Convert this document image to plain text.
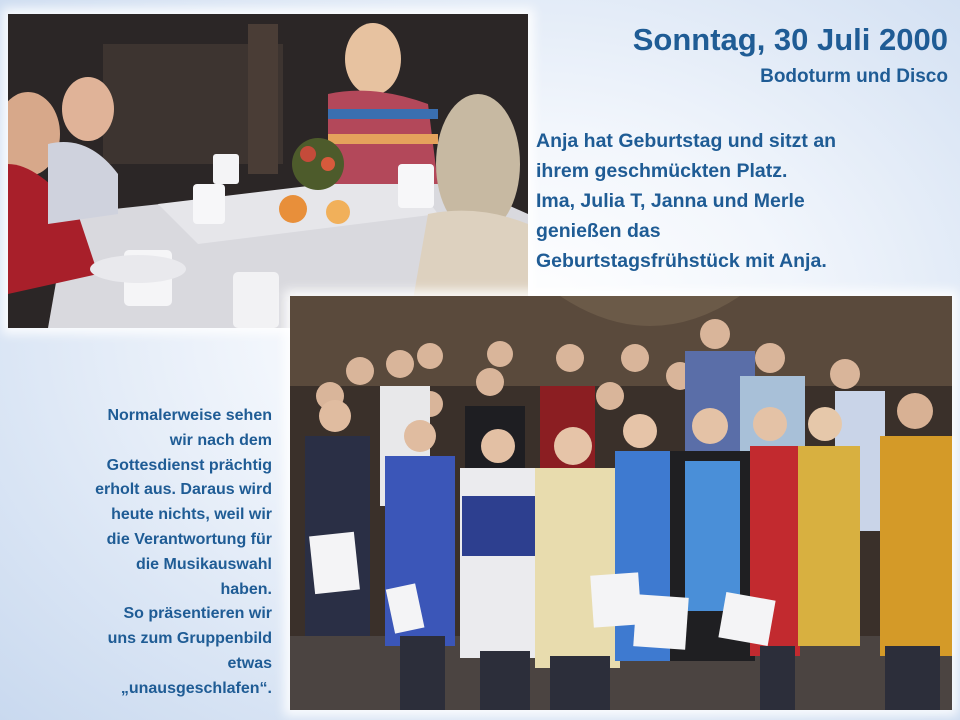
Sonntag, 30 Juli 2000
Bodoturm und Disco
Anja hat Geburtstag und sitzt an
ihrem geschmückten Platz.
Ima, Julia T, Janna und Merle
genießen das
Geburtstagsfrühstück mit Anja.
Normalerweise sehen
wir nach dem
Gottesdienst prächtig
erholt aus. Daraus wird
heute nichts, weil wir
die Verantwortung für
die Musikauswahl
haben.
So präsentieren wir
uns zum Gruppenbild
etwas
„unausgeschlafen“.
